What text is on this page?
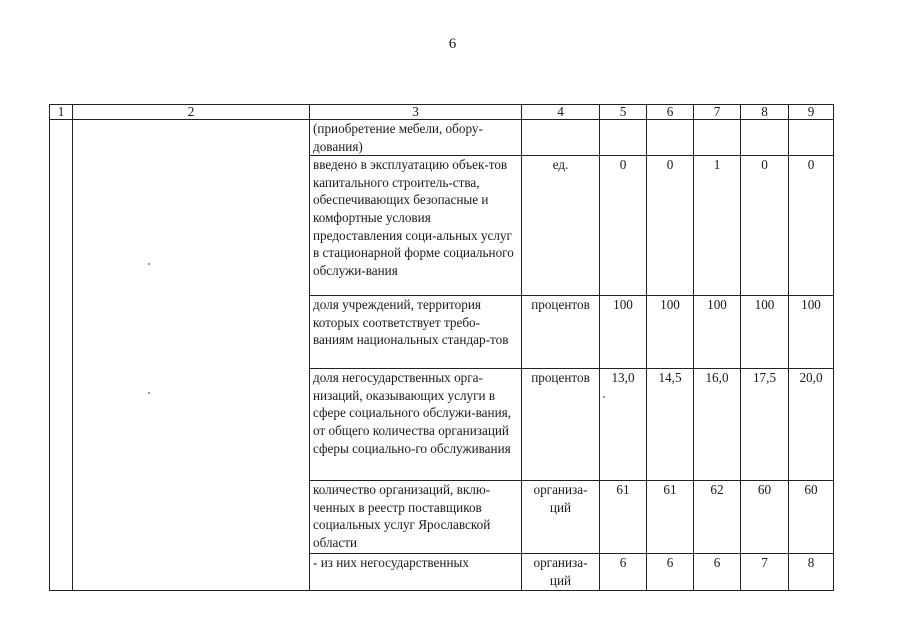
6
1	2	3	4	5	6	7	8	9
		(приобретение мебели, обору-дования)						
		введено в эксплуатацию объек-тов капитального строитель-ства, обеспечивающих безопасные и комфортные условия предоставления соци-альных услуг в стационарной форме социального обслужи-вания	ед.	0	0	1	0	0
		доля учреждений, территория которых соответствует требо-ваниям национальных стандар-тов	процентов	100	100	100	100	100
		доля негосударственных орга-низаций, оказывающих услуги в сфере социального обслужи-вания, от общего количества организаций сферы социально-го обслуживания	процентов	13,0	14,5	16,0	17,5	20,0
		количество организаций, вклю-ченных в реестр поставщиков социальных услуг Ярославской области	организа-ций	61	61	62	60	60
		- из них негосударственных	организа-ций	6	6	6	7	8
